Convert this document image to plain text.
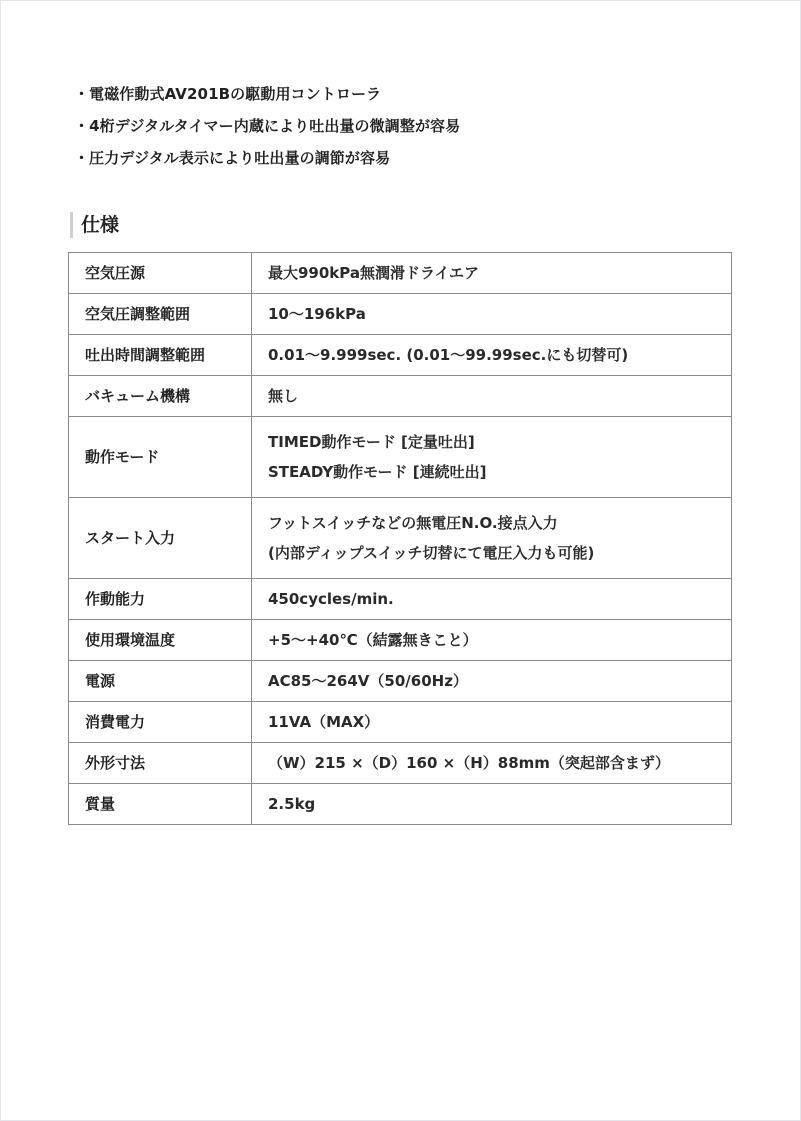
・電磁作動式AV201Bの駆動用コントローラ
・4桁デジタルタイマー内蔵により吐出量の微調整が容易
・圧力デジタル表示により吐出量の調節が容易
仕様
空気圧源	最大990kPa無潤滑ドライエア

空気圧調整範囲	10〜196kPa

吐出時間調整範囲	0.01〜9.999sec. (0.01〜99.99sec.にも切替可)

バキューム機構	無し

動作モード	TIMED動作モード [定量吐出]
STEADY動作モード [連続吐出]

スタート入力	フットスイッチなどの無電圧N.O.接点入力
(内部ディップスイッチ切替にて電圧入力も可能)

作動能力	450cycles/min.

使用環境温度	+5〜+40℃（結露無きこと）

電源	AC85〜264V（50/60Hz）

消費電力	11VA（MAX）

外形寸法	（W）215 ×（D）160 ×（H）88mm（突起部含まず）

質量	2.5kg
